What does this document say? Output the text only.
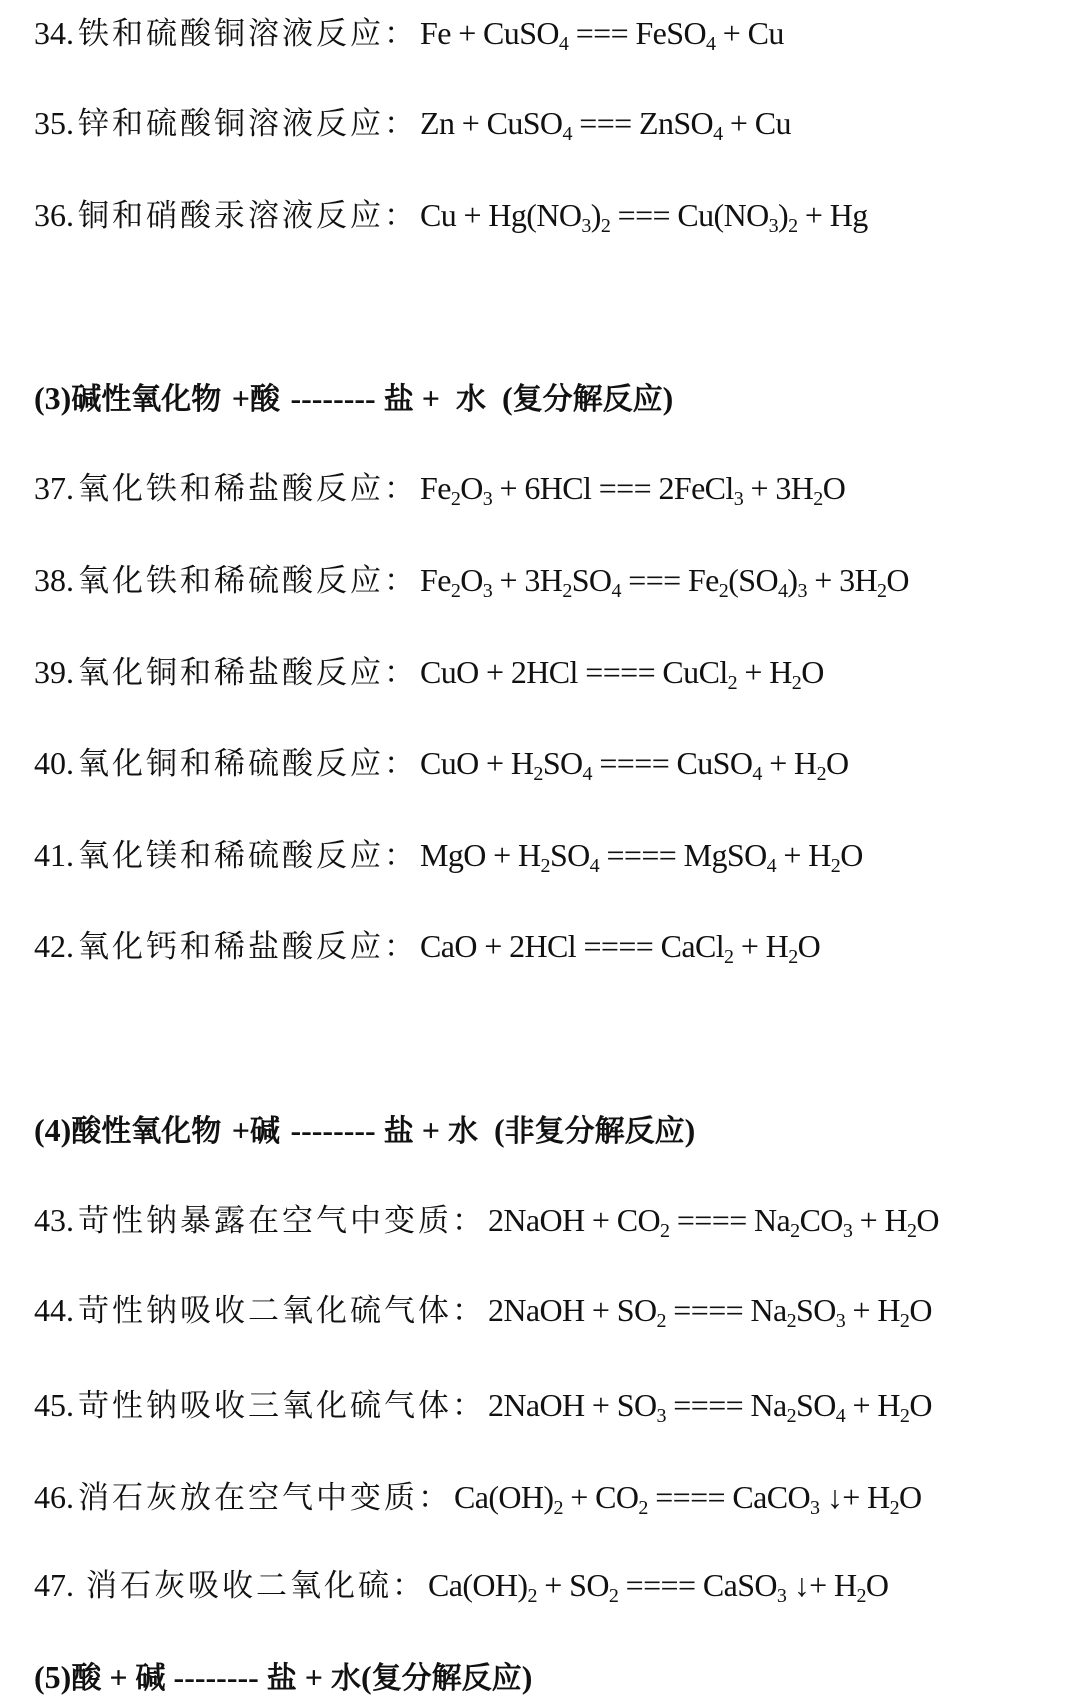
34. 铁和硫酸铜溶液反应 ： Fe + CuSO$_4$ === FeSO$_4$ + Cu
35. 锌和硫酸铜溶液反应 ： Zn + CuSO$_4$ === ZnSO$_4$ + Cu
36. 铜和硝酸汞溶液反应 ： $Cu + Hg(NO_3)_2$ === $Cu(NO_3)_2 + Hg$
(3)碱性氧化物 +酸 -------- 盐 +  水  (复分解反应)
37. 氧化铁和稀盐酸反应 ： $Fe_2O_3 + 6HCl$ === 2FeCl$_3$ + $3H_2O$
38. 氧化铁和稀硫酸反应 ： $Fe_2O_3 + 3H_2SO_4$ === $Fe_2(SO_4)_3 + 3H_2O$
39. 氧化铜和稀盐酸反应 ： CuO + 2HCl ==== CuCl$_2$ + $H_2O$
40. 氧化铜和稀硫酸反应 ： CuO + $H_2SO_4$ ==== CuSO$_4$ + $H_2O$
41. 氧化镁和稀硫酸反应 ： MgO + $H_2SO_4$ ==== MgSO$_4$ + $H_2O$
42. 氧化钙和稀盐酸反应 ： CaO + 2HCl ==== CaCl$_2$ + $H_2O$
(4)酸性氧化物 +碱 -------- 盐 + 水  (非复分解反应)
43. 苛性钠暴露在空气中变质 ： 2NaOH + $CO_2$ ==== $Na_2CO_3 + H_2O$
44. 苛性钠吸收二氧化硫气体 ： 2NaOH + $SO_2$ ==== $Na_2SO_3 + H_2O$
45. 苛性钠吸收三氧化硫气体 ： 2NaOH + $SO_3$ ==== $Na_2SO_4 + H_2O$
46. 消石灰放在空气中变质 ： $Ca(OH)_2 + CO_2$ ==== CaCO$_3$ ↓+ $H_2O$
47. 消石灰吸收二氧化硫 ： $Ca(OH)_2 + SO_2$ ==== CaSO$_3$ ↓+ $H_2O$
(5)酸 + 碱 -------- 盐 + 水(复分解反应)
